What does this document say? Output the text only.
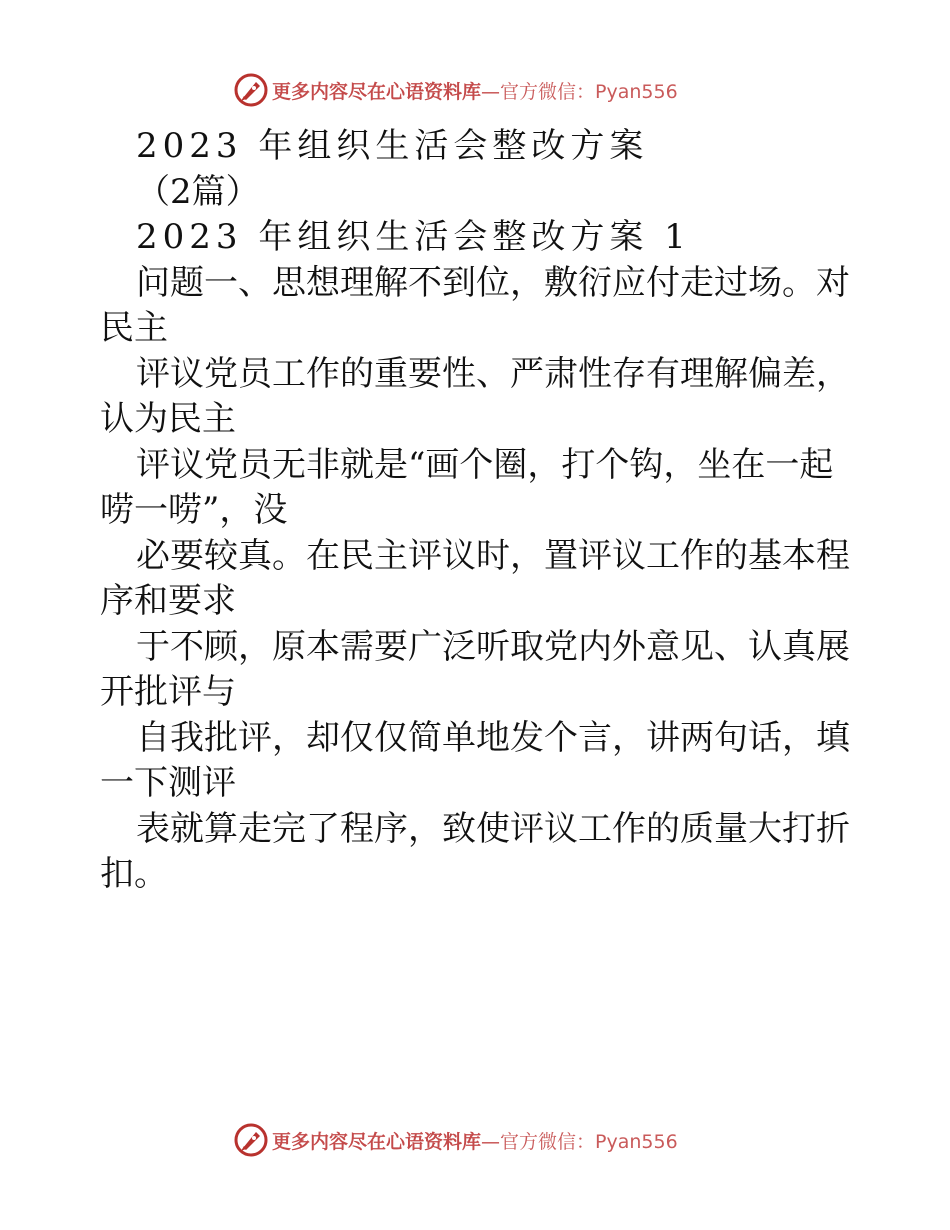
更多内容尽在心语资料库—官方微信：Pyan556
2023 年组织生活会整改方案
（2篇）
2023 年组织生活会整改方案 1
问题一、思想理解不到位，敷衍应付走过场。对
民主
评议党员工作的重要性、严肃性存有理解偏差，
认为民主
评议党员无非就是“画个圈，打个钩，坐在一起
唠一唠”，没
必要较真。在民主评议时，置评议工作的基本程
序和要求
于不顾，原本需要广泛听取党内外意见、认真展
开批评与
自我批评，却仅仅简单地发个言，讲两句话，填
一下测评
表就算走完了程序，致使评议工作的质量大打折
扣。
更多内容尽在心语资料库—官方微信：Pyan556
